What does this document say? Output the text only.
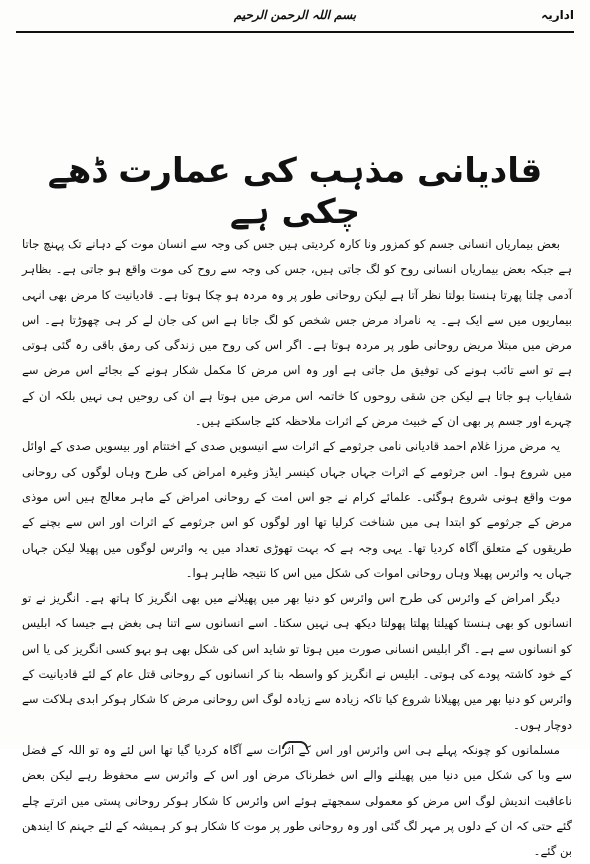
اداریہ
بسم اللہ الرحمن الرحیم
قادیانی مذہب کی عمارت ڈھے چکی ہے

بعض بیماریاں انسانی جسم کو کمزور ونا کارہ کردیتی ہیں جس کی وجہ سے انسان موت کے دہانے تک پہنچ جاتا ہے جبکہ بعض بیماریاں انسانی روح کو لگ جاتی ہیں، جس کی وجہ سے روح کی موت واقع ہو جاتی ہے۔ بظاہر آدمی چلتا پھرتا ہنستا بولتا نظر آتا ہے لیکن روحانی طور پر وہ مردہ ہو چکا ہوتا ہے۔ قادیانیت کا مرض بھی انہی بیماریوں میں سے ایک ہے۔ یہ نامراد مرض جس شخص کو لگ جاتا ہے اس کی جان لے کر ہی چھوڑتا ہے۔ اس مرض میں مبتلا مریض روحانی طور پر مردہ ہوتا ہے۔ اگر اس کی روح میں زندگی کی رمق باقی رہ گئی ہوتی ہے تو اسے تائب ہونے کی توفیق مل جاتی ہے اور وہ اس مرض کا مکمل شکار ہونے کے بجائے اس مرض سے شفایاب ہو جاتا ہے لیکن جن شقی روحوں کا خاتمہ اس مرض میں ہوتا ہے ان کی روحیں ہی نہیں بلکہ ان کے چہرے اور جسم پر بھی ان کے خبیث مرض کے اثرات ملاحظہ کئے جاسکتے ہیں۔

یہ مرض مرزا غلام احمد قادیانی نامی جرثومے کے اثرات سے انیسویں صدی کے اختتام اور بیسویں صدی کے اوائل میں شروع ہوا۔ اس جرثومے کے اثرات جہاں جہاں کینسر ایڈز وغیرہ امراض کی طرح وہاں لوگوں کی روحانی موت واقع ہونی شروع ہوگئی۔ علمائے کرام نے جو اس امت کے روحانی امراض کے ماہر معالج ہیں اس موذی مرض کے جرثومے کو ابتدا ہی میں شناخت کرلیا تھا اور لوگوں کو اس جرثومے کے اثرات اور اس سے بچنے کے طریقوں کے متعلق آگاہ کردیا تھا۔ یہی وجہ ہے کہ بہت تھوڑی تعداد میں یہ وائرس لوگوں میں پھیلا لیکن جہاں جہاں یہ وائرس پھیلا وہاں روحانی اموات کی شکل میں اس کا نتیجہ ظاہر ہوا۔

دیگر امراض کے وائرس کی طرح اس وائرس کو دنیا بھر میں پھیلانے میں بھی انگریز کا ہاتھ ہے۔ انگریز نے تو انسانوں کو بھی ہنستا کھیلتا پھلتا پھولتا دیکھ ہی نہیں سکتا۔ اسے انسانوں سے اتنا ہی بغض ہے جیسا کہ ابلیس کو انسانوں سے ہے۔ اگر ابلیس انسانی صورت میں ہوتا تو شاید اس کی شکل بھی ہو بہو کسی انگریز کی یا اس کے خود کاشتہ پودے کی ہوتی۔ ابلیس نے انگریز کو واسطہ بنا کر انسانوں کے روحانی قتل عام کے لئے قادیانیت کے وائرس کو دنیا بھر میں پھیلانا شروع کیا تاکہ زیادہ سے زیادہ لوگ اس روحانی مرض کا شکار ہوکر ابدی ہلاکت سے دوچار ہوں۔

مسلمانوں کو چونکہ پہلے ہی اس وائرس اور اس کے اثرات سے آگاہ کردیا گیا تھا اس لئے وہ تو اللہ کے فضل سے وبا کی شکل میں دنیا میں پھیلنے والے اس خطرناک مرض اور اس کے وائرس سے محفوظ رہے لیکن بعض ناعاقبت اندیش لوگ اس مرض کو معمولی سمجھتے ہوئے اس وائرس کا شکار ہوکر روحانی پستی میں اترتے چلے گئے حتی کہ ان کے دلوں پر مہر لگ گئی اور وہ روحانی طور پر موت کا شکار ہو کر ہمیشہ کے لئے جہنم کا ایندھن بن گئے۔
